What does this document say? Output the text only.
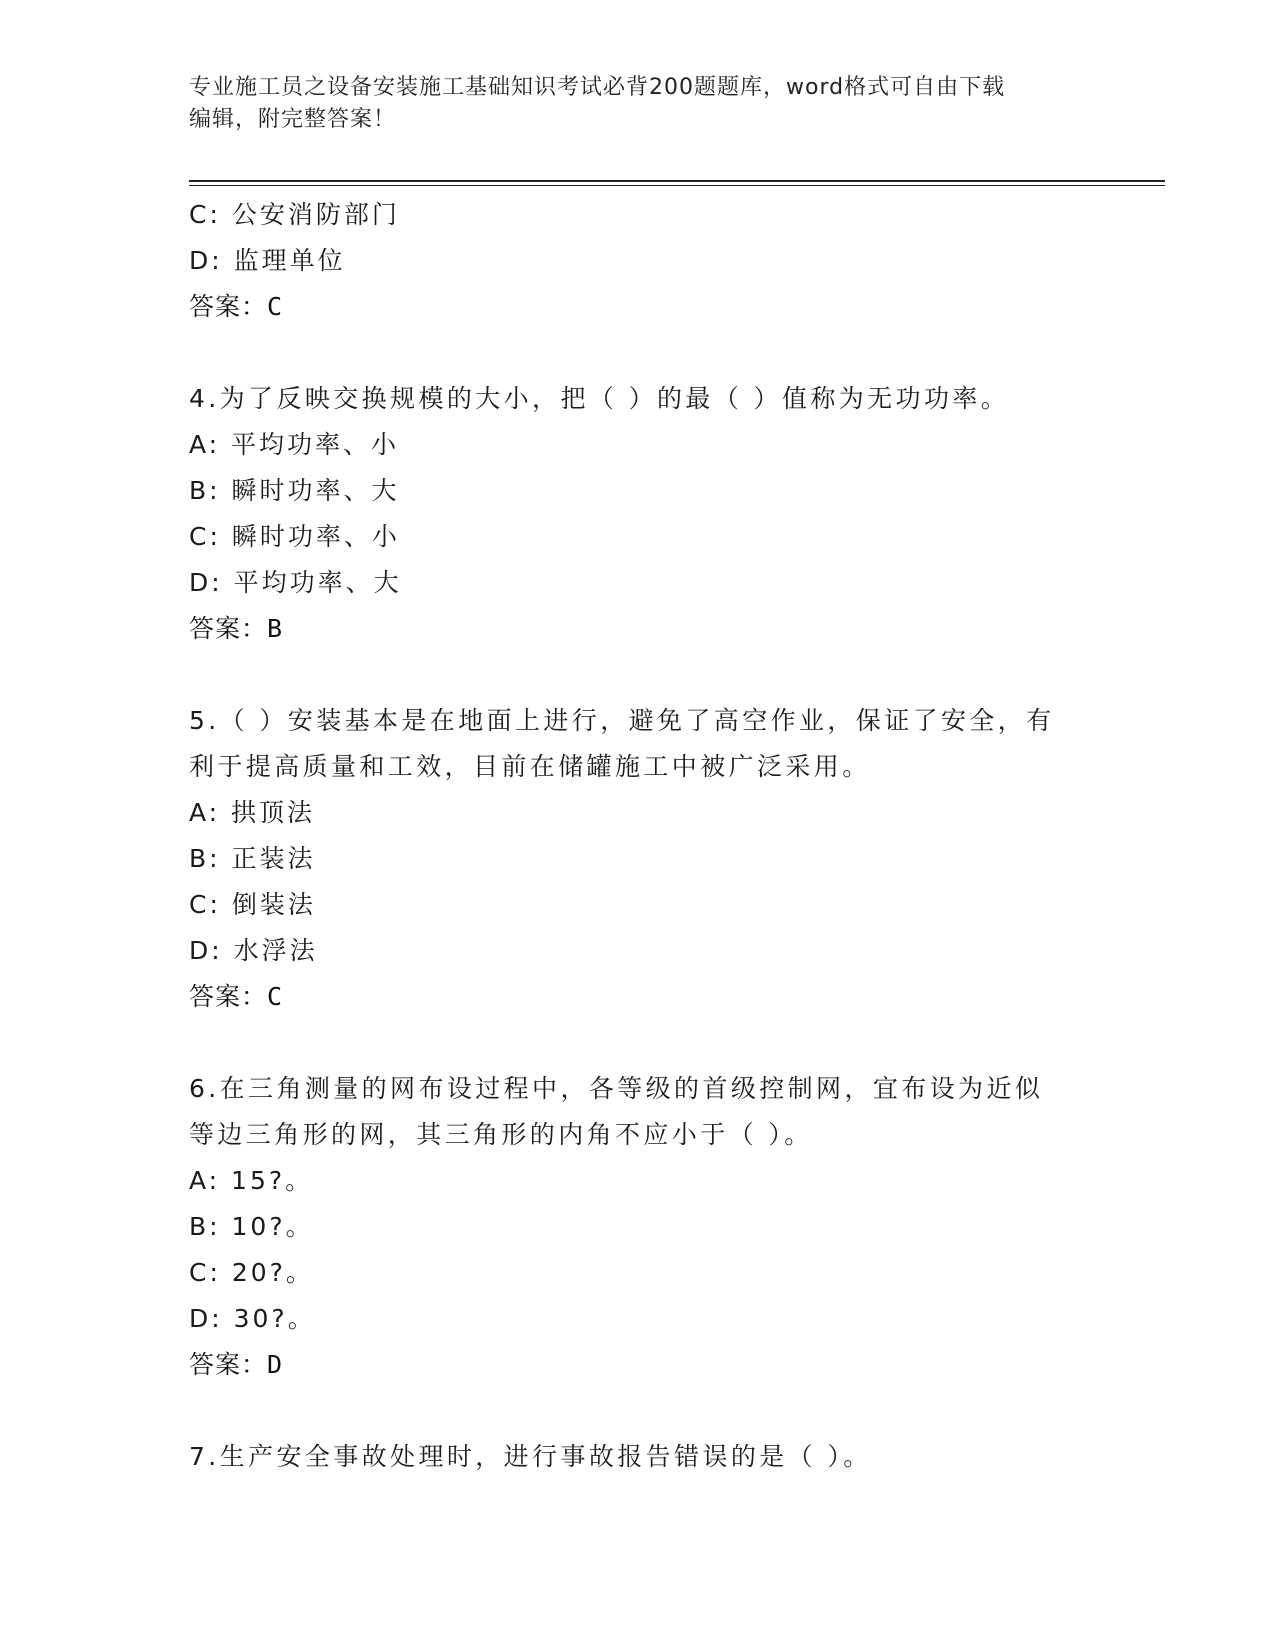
专业施工员之设备安装施工基础知识考试必背200题题库，word格式可自由下载
编辑，附完整答案！
C: 公安消防部门
D: 监理单位
答案：C
4.为了反映交换规模的大小，把（ ）的最（ ）值称为无功功率。
A: 平均功率、小
B: 瞬时功率、大
C: 瞬时功率、小
D: 平均功率、大
答案：B
5.（ ）安装基本是在地面上进行，避免了高空作业，保证了安全，有
利于提高质量和工效，目前在储罐施工中被广泛采用。
A: 拱顶法
B: 正装法
C: 倒装法
D: 水浮法
答案：C
6.在三角测量的网布设过程中，各等级的首级控制网，宜布设为近似
等边三角形的网，其三角形的内角不应小于（ ）。
A: 15?。
B: 10?。
C: 20?。
D: 30?。
答案：D
7.生产安全事故处理时，进行事故报告错误的是（ ）。
